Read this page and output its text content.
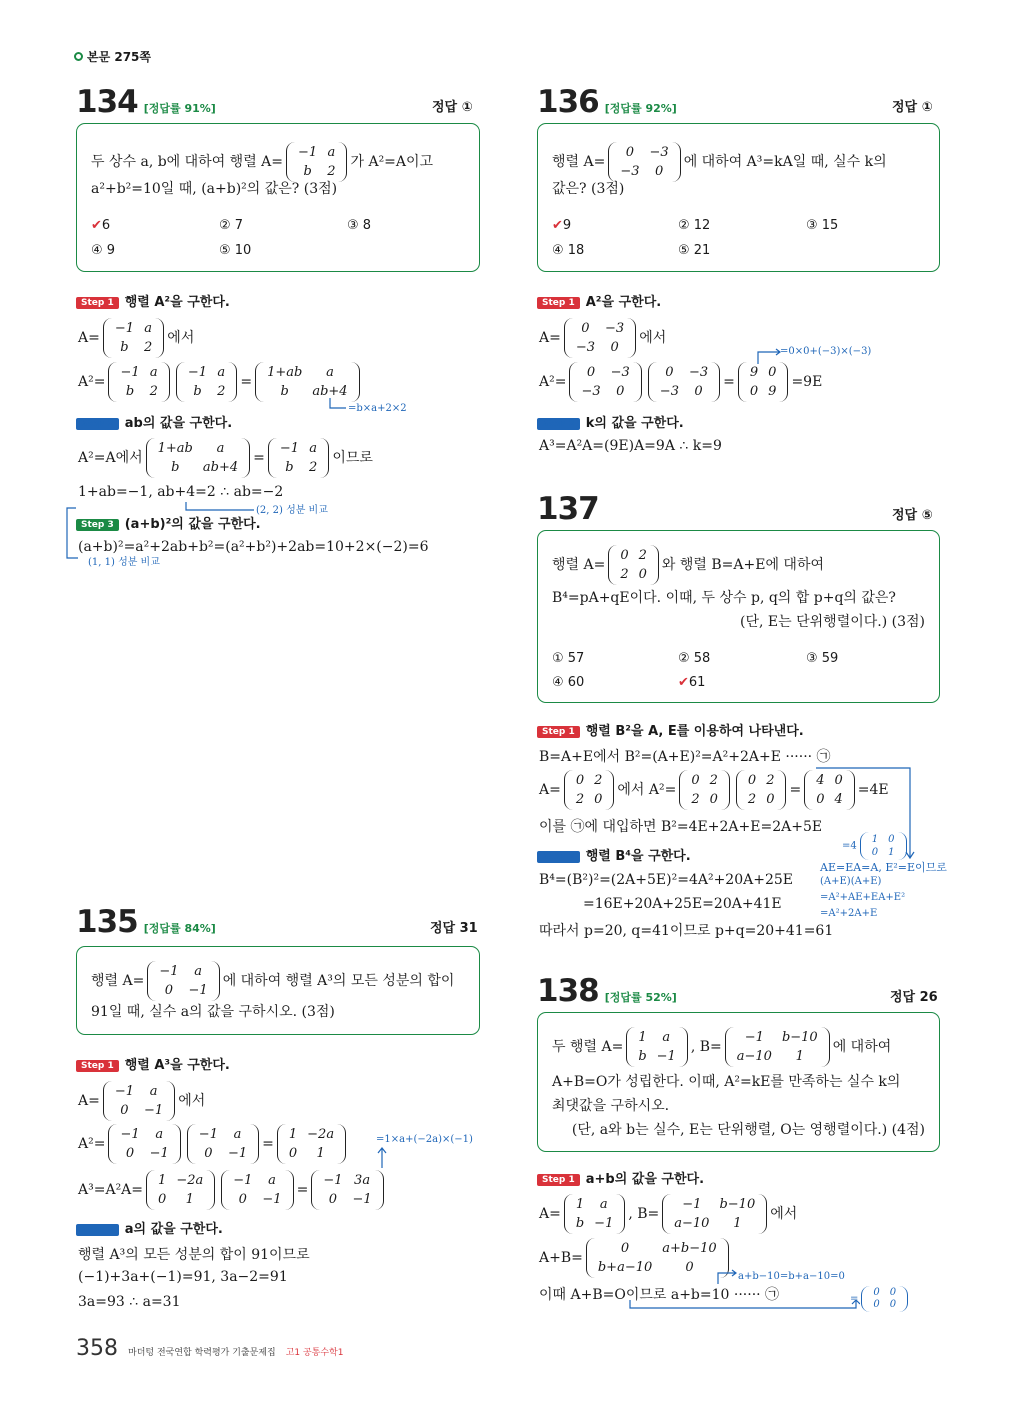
본문 275쪽
134 [정답률 91%]	정답 ①
두 상수 a, b에 대하여 행렬 A=
−1	a
b	2
가 A²=A이고
a²+b²=10일 때, (a+b)²의 값은? (3점)
✔6	② 7	③ 8
④ 9	⑤ 10
Step 1 행렬 A²을 구한다.
A=
−1	a
b	2
에서
A²=
−1	a
b	2
−1	a
b	2
=
1+ab	a
b	ab+4
=b×a+2×2
Step 2 ab의 값을 구한다.
A²=A에서
1+ab	a
b	ab+4
=
−1	a
b	2
이므로
1+ab=−1, ab+4=2 ∴ ab=−2
(2, 2) 성분 비교
Step 3 (a+b)²의 값을 구한다.
(a+b)²=a²+2ab+b²=(a²+b²)+2ab=10+2×(−2)=6
(1, 1) 성분 비교
135 [정답률 84%]	정답 31
행렬 A=
−1	a
0	−1
에 대하여 행렬 A³의 모든 성분의 합이
91일 때, 실수 a의 값을 구하시오. (3점)
Step 1 행렬 A³을 구한다.
A=
−1	a
0	−1
에서
A²=
−1	a
0	−1
−1	a
0	−1
=
1	−2a
0	1
=1×a+(−2a)×(−1)
A³=A²A=
1	−2a
0	1
−1	a
0	−1
=
−1	3a
0	−1
Step 2 a의 값을 구한다.
행렬 A³의 모든 성분의 합이 91이므로
(−1)+3a+(−1)=91, 3a−2=91
3a=93 ∴ a=31
136 [정답률 92%]	정답 ①
행렬 A=
0	−3
−3	0
에 대하여 A³=kA일 때, 실수 k의
값은? (3점)
✔9	② 12	③ 15
④ 18	⑤ 21
Step 1 A²을 구한다.
A=
0	−3
−3	0
에서
=0×0+(−3)×(−3)
A²=
0	−3
−3	0
0	−3
−3	0
=
9	0
0	9
=9E
Step 2 k의 값을 구한다.
A³=A²A=(9E)A=9A ∴ k=9
137	정답 ⑤
행렬 A=
0	2
2	0
와 행렬 B=A+E에 대하여
B⁴=pA+qE이다. 이때, 두 상수 p, q의 합 p+q의 값은?
(단, E는 단위행렬이다.) (3점)
① 57	② 58	③ 59
④ 60	✔61
Step 1 행렬 B²을 A, E를 이용하여 나타낸다.
B=A+E에서 B²=(A+E)²=A²+2A+E ······ ㉠
A=
0	2
2	0
에서 A²=
0	2
2	0
0	2
2	0
=
4	0
0	4
=4E
이를 ㉠에 대입하면 B²=4E+2A+E=2A+5E
=4
1	0
0	1
Step 2 행렬 B⁴을 구한다.
AE=EA=A, E²=E이므로
B⁴=(B²)²=(2A+5E)²=4A²+20A+25E	(A+E)(A+E)
=A²+AE+EA+E²
=16E+20A+25E=20A+41E
=A²+2A+E
따라서 p=20, q=41이므로 p+q=20+41=61
138 [정답률 52%]	정답 26
두 행렬 A=
1	a
b	−1
, B=
−1	b−10
a−10	1
에 대하여
A+B=O가 성립한다. 이때, A²=kE를 만족하는 실수 k의
최댓값을 구하시오.
(단, a와 b는 실수, E는 단위행렬, O는 영행렬이다.) (4점)
Step 1 a+b의 값을 구한다.
A=
1	a
b	−1
, B=
−1	b−10
a−10	1
에서
A+B=
0	a+b−10
b+a−10	0
a+b−10=b+a−10=0
이때 A+B=O이므로 a+b=10 ······ ㉠	=
0	0
0	0
358 마더텅 전국연합 학력평가 기출문제집 고1 공통수학1
